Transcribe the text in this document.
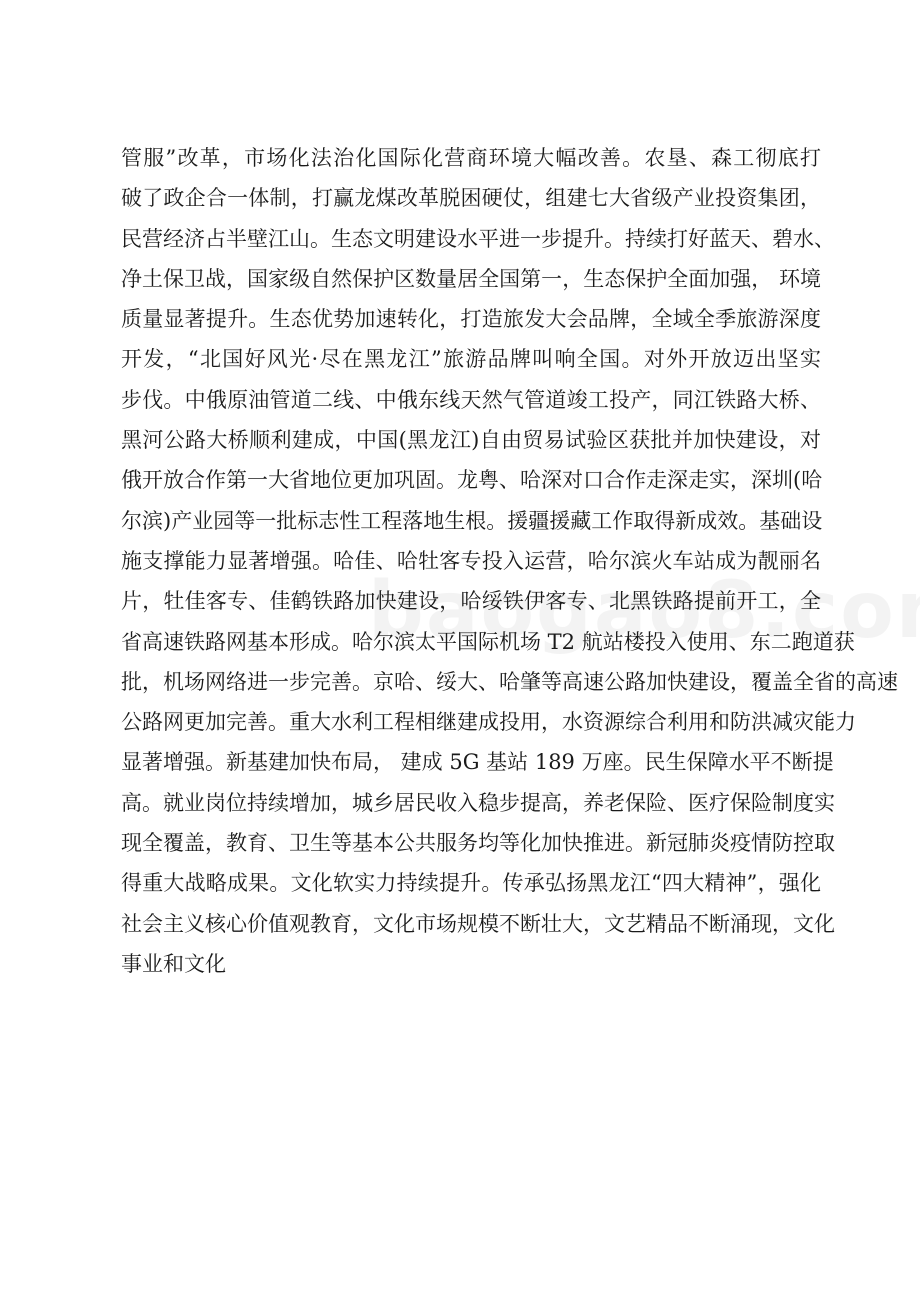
管服”改革，市场化法治化国际化营商环境大幅改善。农垦、森工彻底打
破了政企合一体制，打赢龙煤改革脱困硬仗，组建七大省级产业投资集团，
民营经济占半壁江山。生态文明建设水平进一步提升。持续打好蓝天、碧水、
净土保卫战，国家级自然保护区数量居全国第一，生态保护全面加强， 环境
质量显著提升。生态优势加速转化，打造旅发大会品牌，全域全季旅游深度
开发，“北国好风光·尽在黑龙江”旅游品牌叫响全国。对外开放迈出坚实
步伐。中俄原油管道二线、中俄东线天然气管道竣工投产，同江铁路大桥、
黑河公路大桥顺利建成，中国(黑龙江)自由贸易试验区获批并加快建设，对
俄开放合作第一大省地位更加巩固。龙粤、哈深对口合作走深走实，深圳(哈
尔滨)产业园等一批标志性工程落地生根。援疆援藏工作取得新成效。基础设
施支撑能力显著增强。哈佳、哈牡客专投入运营，哈尔滨火车站成为靓丽名
片，牡佳客专、佳鹤铁路加快建设，哈绥铁伊客专、北黑铁路提前开工，全
省高速铁路网基本形成。哈尔滨太平国际机场 T2 航站楼投入使用、东二跑道获
批，机场网络进一步完善。京哈、绥大、哈肇等高速公路加快建设，覆盖全省的高速
公路网更加完善。重大水利工程相继建成投用，水资源综合利用和防洪减灾能力
显著增强。新基建加快布局， 建成 5G 基站 189 万座。民生保障水平不断提
高。就业岗位持续增加，城乡居民收入稳步提高，养老保险、医疗保险制度实
现全覆盖，教育、卫生等基本公共服务均等化加快推进。新冠肺炎疫情防控取
得重大战略成果。文化软实力持续提升。传承弘扬黑龙江“四大精神”，强化
社会主义核心价值观教育，文化市场规模不断壮大，文艺精品不断涌现，文化
事业和文化
